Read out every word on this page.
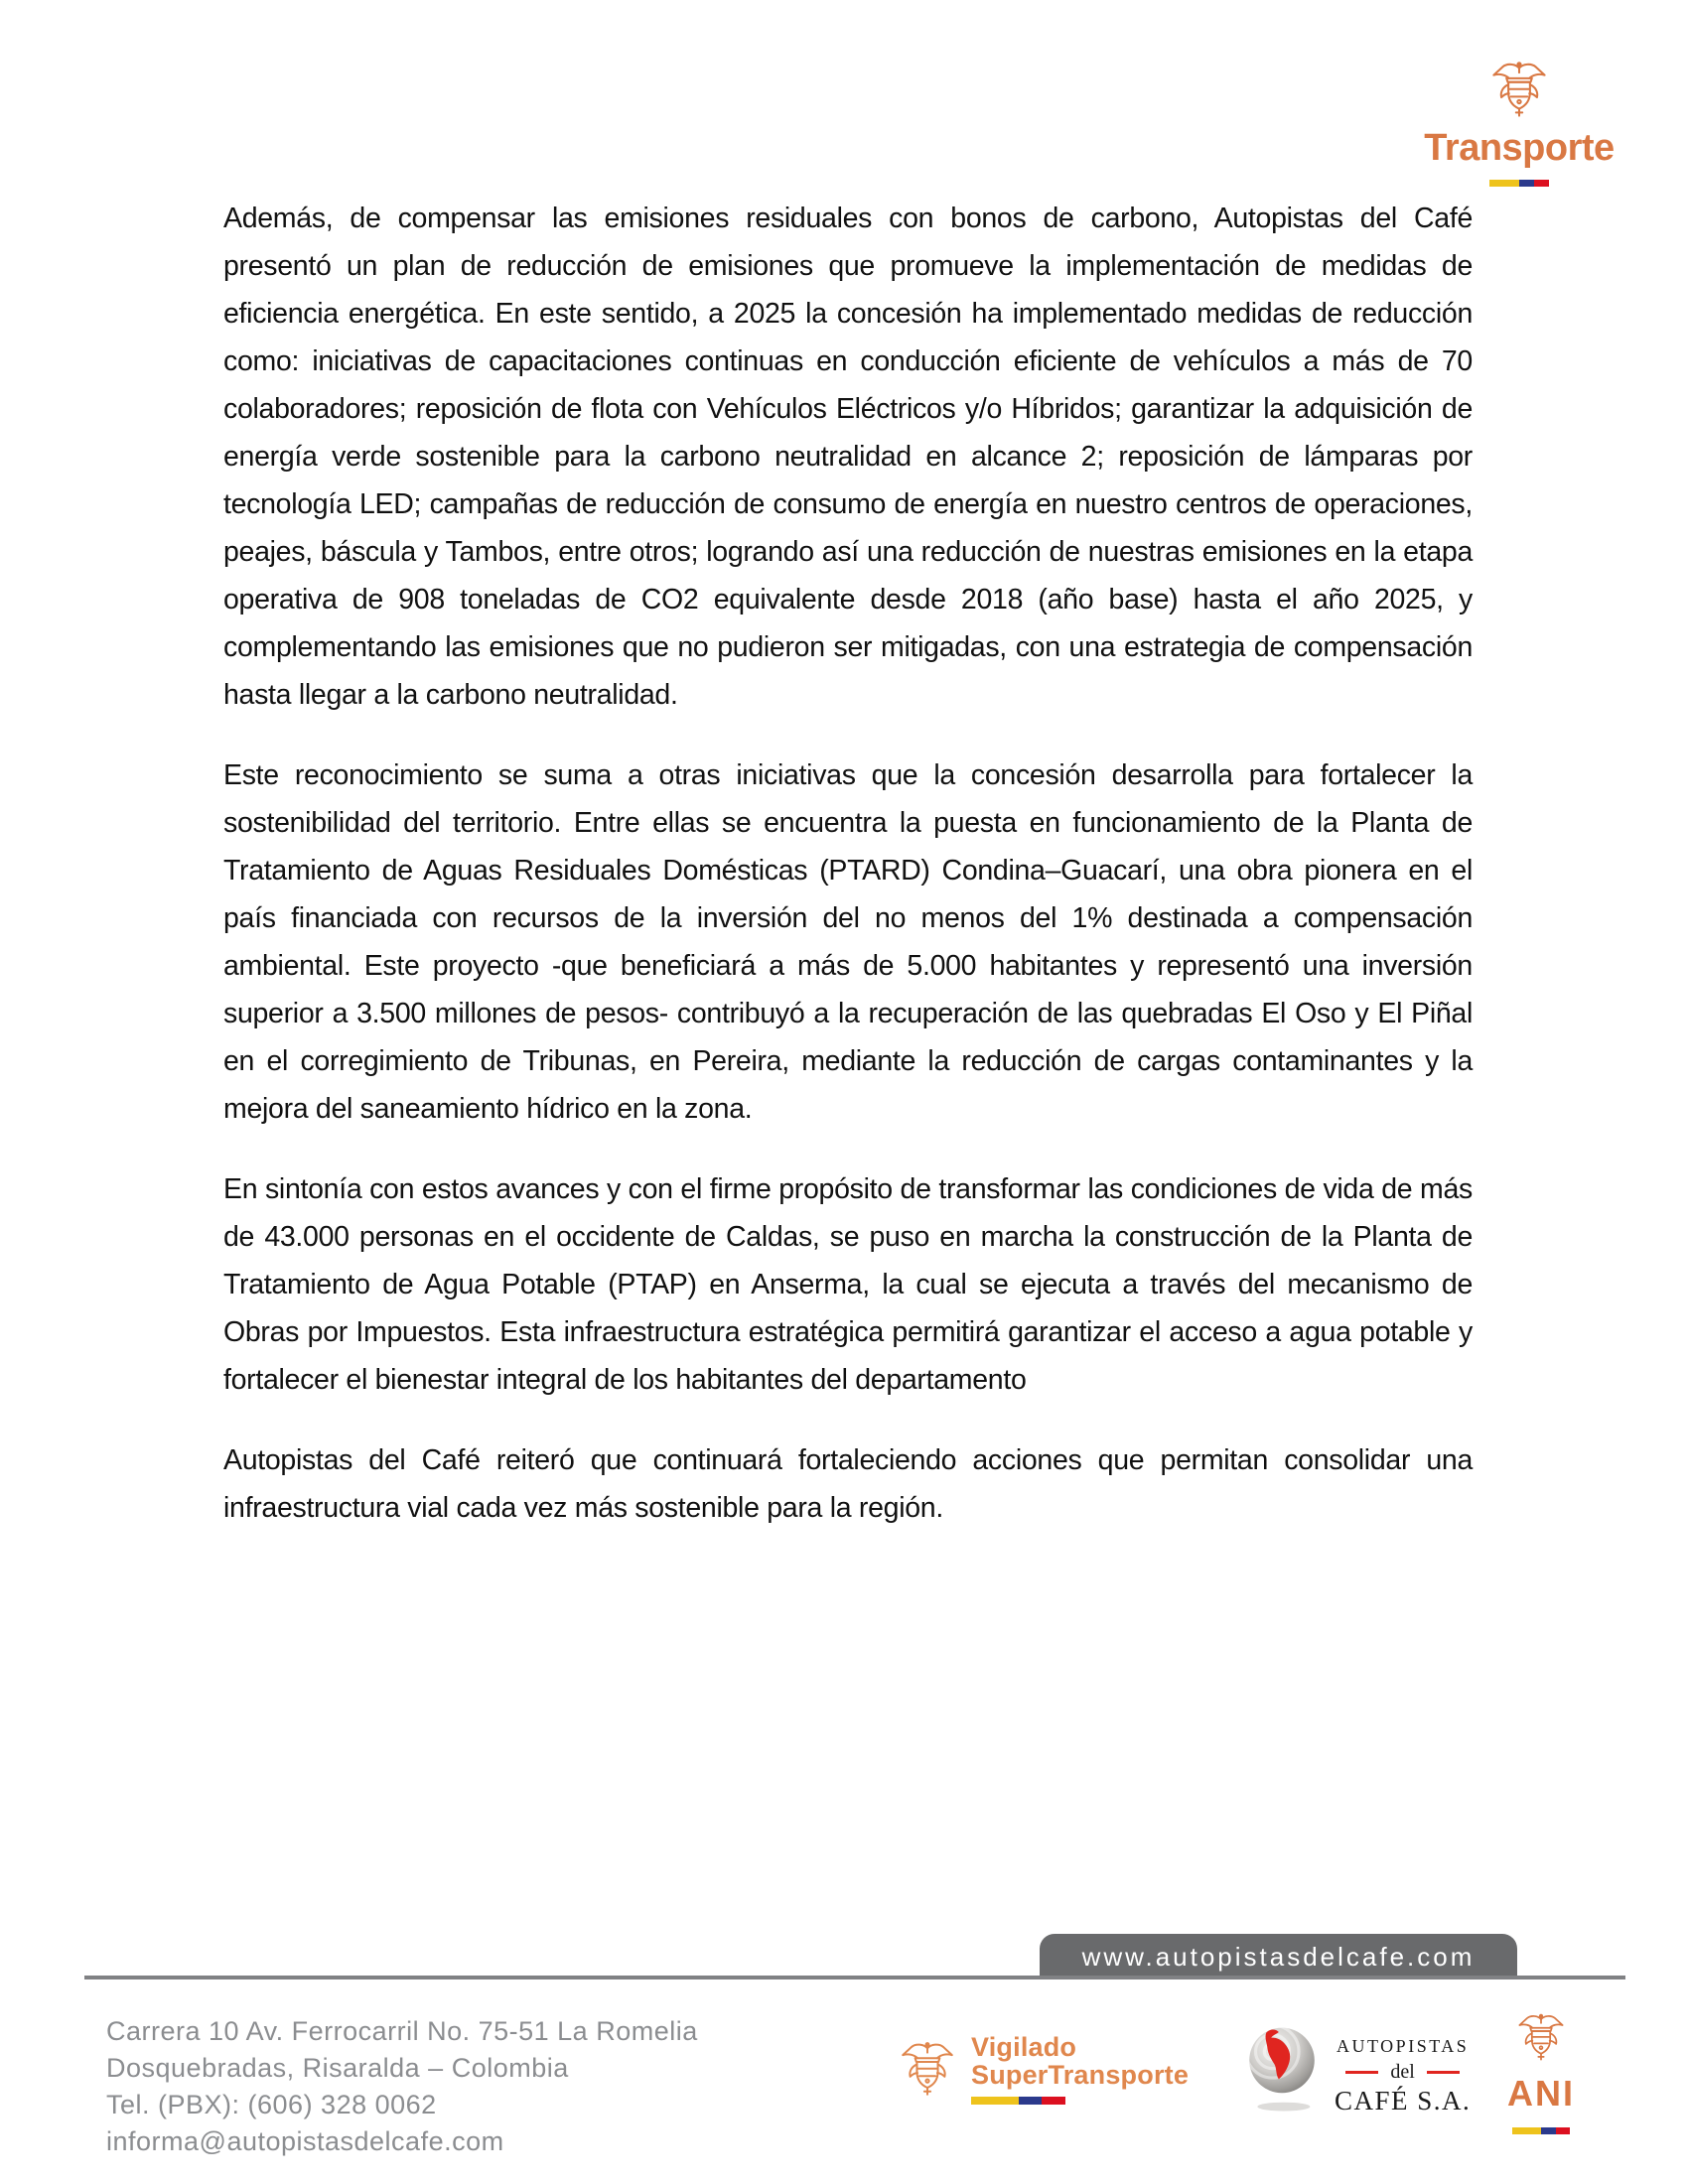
Transporte

Además, de compensar las emisiones residuales con bonos de carbono, Autopistas del Café presentó un plan de reducción de emisiones que promueve la implementación de medidas de eficiencia energética. En este sentido, a 2025 la concesión ha implementado medidas de reducción como: iniciativas de capacitaciones continuas en conducción eficiente de vehículos a más de 70 colaboradores; reposición de flota con Vehículos Eléctricos y/o Híbridos; garantizar la adquisición de energía verde sostenible para la carbono neutralidad en alcance 2; reposición de lámparas por tecnología LED; campañas de reducción de consumo de energía en nuestro centros de operaciones, peajes, báscula y Tambos, entre otros; logrando así una reducción de nuestras emisiones en la etapa operativa de 908 toneladas de CO2 equivalente desde 2018 (año base) hasta el año 2025, y complementando las emisiones que no pudieron ser mitigadas, con una estrategia de compensación hasta llegar a la carbono neutralidad.

Este reconocimiento se suma a otras iniciativas que la concesión desarrolla para fortalecer la sostenibilidad del territorio. Entre ellas se encuentra la puesta en funcionamiento de la Planta de Tratamiento de Aguas Residuales Domésticas (PTARD) Condina–Guacarí, una obra pionera en el país financiada con recursos de la inversión del no menos del 1% destinada a compensación ambiental. Este proyecto -que beneficiará a más de 5.000 habitantes y representó una inversión superior a 3.500 millones de pesos- contribuyó a la recuperación de las quebradas El Oso y El Piñal en el corregimiento de Tribunas, en Pereira, mediante la reducción de cargas contaminantes y la mejora del saneamiento hídrico en la zona.

En sintonía con estos avances y con el firme propósito de transformar las condiciones de vida de más de 43.000 personas en el occidente de Caldas, se puso en marcha la construcción de la Planta de Tratamiento de Agua Potable (PTAP) en Anserma, la cual se ejecuta a través del mecanismo de Obras por Impuestos. Esta infraestructura estratégica permitirá garantizar el acceso a agua potable y fortalecer el bienestar integral de los habitantes del departamento

Autopistas del Café reiteró que continuará fortaleciendo acciones que permitan consolidar una infraestructura vial cada vez más sostenible para la región.

www.autopistasdelcafe.com
Carrera 10 Av. Ferrocarril No. 75-51 La Romelia
Dosquebradas, Risaralda – Colombia
Tel. (PBX): (606) 328 0062
informa@autopistasdelcafe.com
Vigilado
SuperTransporte
AUTOPISTAS
del
CAFÉ S.A. ANI
